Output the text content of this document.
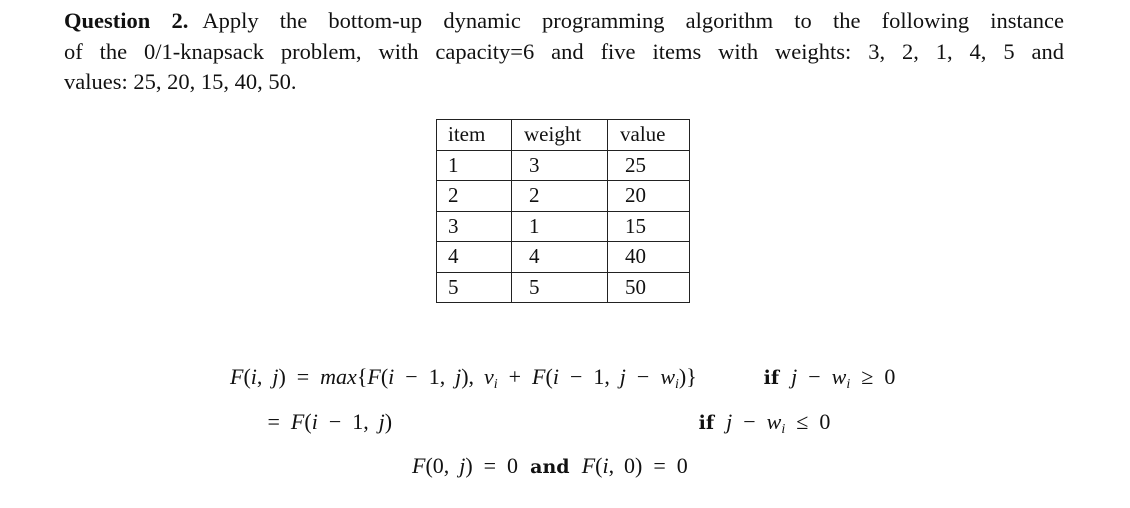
Question 2. Apply the bottom-up dynamic programming algorithm to the following instance
of the 0/1-knapsack problem, with capacity=6 and five items with weights: 3, 2, 1, 4, 5 and
values: 25, 20, 15, 40, 50.
item	weight	value
1	3	25
2	2	20
3	1	15
4	4	40
5	5	50
F(i,  j)  =  max{F(i  −  1,  j),  $v_i + F(i - 1$,  $j - w_i$)}	if  $j - w_i \ge 0$
=  F(i  −  1,  j)	if  $j - w_i \le 0$
F(0,  j)  =  0  and  F(i,  0)  =  0
